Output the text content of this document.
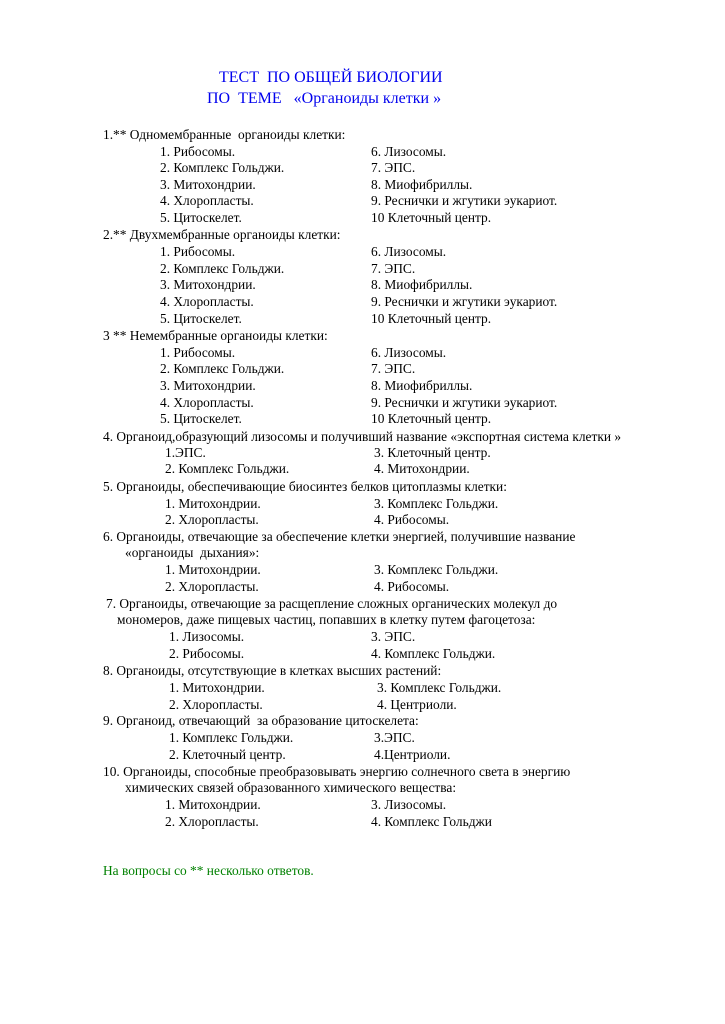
ТЕСТ  ПО ОБЩЕЙ БИОЛОГИИ
ПО  ТЕМЕ   «Органоиды клетки »
1.** Одномембранные  органоиды клетки:
1. Рибосомы.	6. Лизосомы.
2. Комплекс Гольджи.	7. ЭПС.
3. Митохондрии.	8. Миофибриллы.
4. Хлоропласты.	9. Реснички и жгутики эукариот.
5. Цитоскелет.	10 Клеточный центр.
2.** Двухмембранные органоиды клетки:
1. Рибосомы.	6. Лизосомы.
2. Комплекс Гольджи.	7. ЭПС.
3. Митохондрии.	8. Миофибриллы.
4. Хлоропласты.	9. Реснички и жгутики эукариот.
5. Цитоскелет.	10 Клеточный центр.
3 ** Немембранные органоиды клетки:
1. Рибосомы.	6. Лизосомы.
2. Комплекс Гольджи.	7. ЭПС.
3. Митохондрии.	8. Миофибриллы.
4. Хлоропласты.	9. Реснички и жгутики эукариот.
5. Цитоскелет.	10 Клеточный центр.
4. Органоид,образующий лизосомы и получивший название «экспортная система клетки »
1.ЭПС.	3. Клеточный центр.
2. Комплекс Гольджи.	4. Митохондрии.
5. Органоиды, обеспечивающие биосинтез белков цитоплазмы клетки:
1. Митохондрии.	3. Комплекс Гольджи.
2. Хлоропласты.	4. Рибосомы.
6. Органоиды, отвечающие за обеспечение клетки энергией, получившие название
«органоиды  дыхания»:
1. Митохондрии.	3. Комплекс Гольджи.
2. Хлоропласты.	4. Рибосомы.
7. Органоиды, отвечающие за расщепление сложных органических молекул до
мономеров, даже пищевых частиц, попавших в клетку путем фагоцетоза:
1. Лизосомы.	3. ЭПС.
2. Рибосомы.	4. Комплекс Гольджи.
8. Органоиды, отсутствующие в клетках высших растений:
1. Митохондрии.	3. Комплекс Гольджи.
2. Хлоропласты.	4. Центриоли.
9. Органоид, отвечающий  за образование цитоскелета:
1. Комплекс Гольджи.	3.ЭПС.
2. Клеточный центр.	4.Центриоли.
10. Органоиды, способные преобразовывать энергию солнечного света в энергию
химических связей образованного химического вещества:
1. Митохондрии.	3. Лизосомы.
2. Хлоропласты.	4. Комплекс Гольджи
На вопросы со ** несколько ответов.
